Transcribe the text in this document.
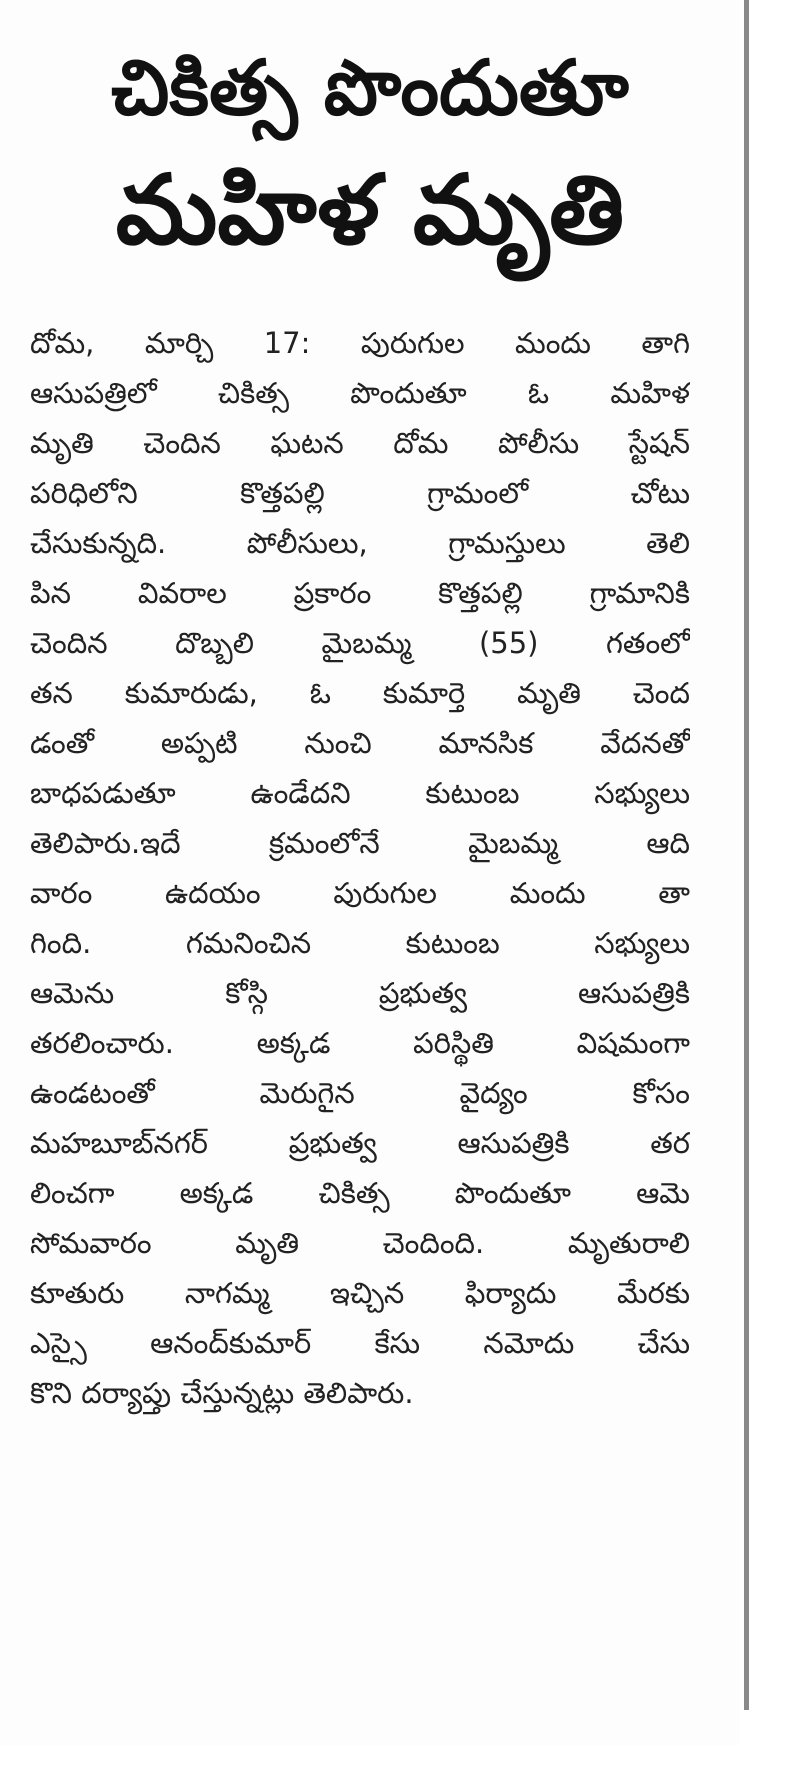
చికిత్స పొందుతూ
మహిళ మృతి
దోమ, మార్చి 17: పురుగుల మందు తాగి
ఆసుపత్రిలో చికిత్స పొందుతూ ఓ మహిళ
మృతి చెందిన ఘటన దోమ పోలీసు స్టేషన్
పరిధిలోని కొత్తపల్లి గ్రామంలో చోటు
చేసుకున్నది. పోలీసులు, గ్రామస్తులు తెలి
పిన వివరాల ప్రకారం కొత్తపల్లి గ్రామానికి
చెందిన దొబ్బలి మైబమ్మ (55) గతంలో
తన కుమారుడు, ఓ కుమార్తె మృతి చెంద
డంతో అప్పటి నుంచి మానసిక వేదనతో
బాధపడుతూ ఉండేదని కుటుంబ సభ్యులు
తెలిపారు.ఇదే క్రమంలోనే మైబమ్మ ఆది
వారం ఉదయం పురుగుల మందు తా
గింది. గమనించిన కుటుంబ సభ్యులు
ఆమెను కోస్గి ప్రభుత్వ ఆసుపత్రికి
తరలించారు. అక్కడ పరిస్థితి విషమంగా
ఉండటంతో మెరుగైన వైద్యం కోసం
మహబూబ్‌నగర్ ప్రభుత్వ ఆసుపత్రికి తర
లించగా అక్కడ చికిత్స పొందుతూ ఆమె
సోమవారం మృతి చెందింది. మృతురాలి
కూతురు నాగమ్మ ఇచ్చిన ఫిర్యాదు మేరకు
ఎస్సై ఆనంద్‌కుమార్ కేసు నమోదు చేసు
కొని దర్యాప్తు చేస్తున్నట్లు తెలిపారు.
